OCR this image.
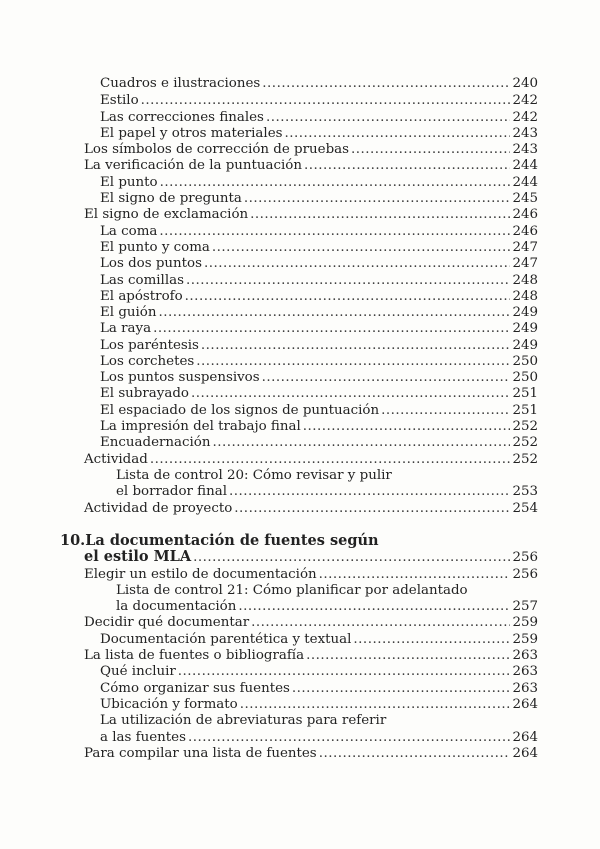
Cuadros e ilustraciones .....	240
Estilo .....	242
Las correcciones finales .....	242
El papel y otros materiales .....	243
Los símbolos de corrección de pruebas .....	243
La verificación de la puntuación .....	244
El punto .....	244
El signo de pregunta .....	245
El signo de exclamación .....	246
La coma .....	246
El punto y coma .....	247
Los dos puntos .....	247
Las comillas .....	248
El apóstrofo .....	248
El guión .....	249
La raya .....	249
Los paréntesis .....	249
Los corchetes .....	250
Los puntos suspensivos .....	250
El subrayado .....	251
El espaciado de los signos de puntuación .....	251
La impresión del trabajo final .....	252
Encuadernación .....	252
Actividad .....	252
Lista de control 20: Cómo revisar y pulir
el borrador final .....	253
Actividad de proyecto .....	254
10.La documentación de fuentes según
el estilo MLA .....	256
Elegir un estilo de documentación .....	256
Lista de control 21: Cómo planificar por adelantado
la documentación .....	257
Decidir qué documentar .....	259
Documentación parentética y textual .....	259
La lista de fuentes o bibliografía .....	263
Qué incluir .....	263
Cómo organizar sus fuentes .....	263
Ubicación y formato .....	264
La utilización de abreviaturas para referir
a las fuentes .....	264
Para compilar una lista de fuentes .....	264
